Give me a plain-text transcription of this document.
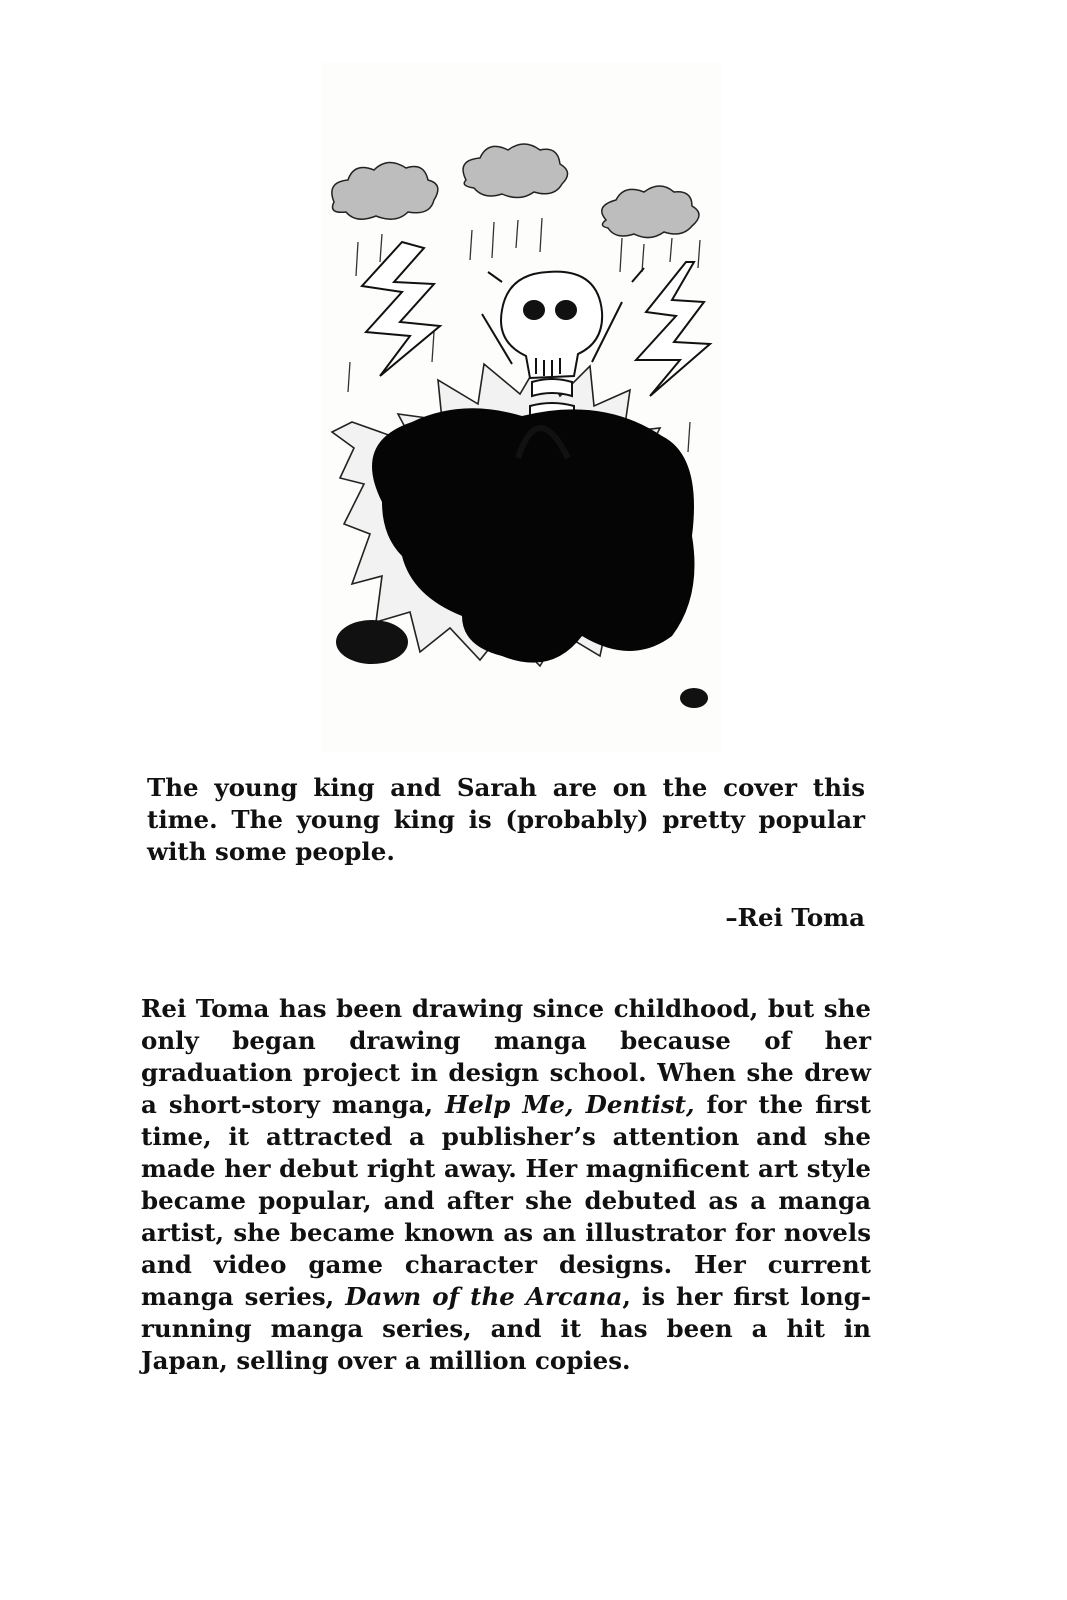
The young king and Sarah are on the cover this time. The young king is (probably) pretty popular with some people.

–Rei Toma

Rei Toma has been drawing since childhood, but she only began drawing manga because of her graduation project in design school. When she drew a short-story manga, Help Me, Dentist, for the first time, it attracted a publisher’s attention and she made her debut right away. Her magnificent art style became popular, and after she debuted as a manga artist, she became known as an illustrator for novels and video game character designs. Her current manga series, Dawn of the Arcana, is her first long-running manga series, and it has been a hit in Japan, selling over a million copies.
